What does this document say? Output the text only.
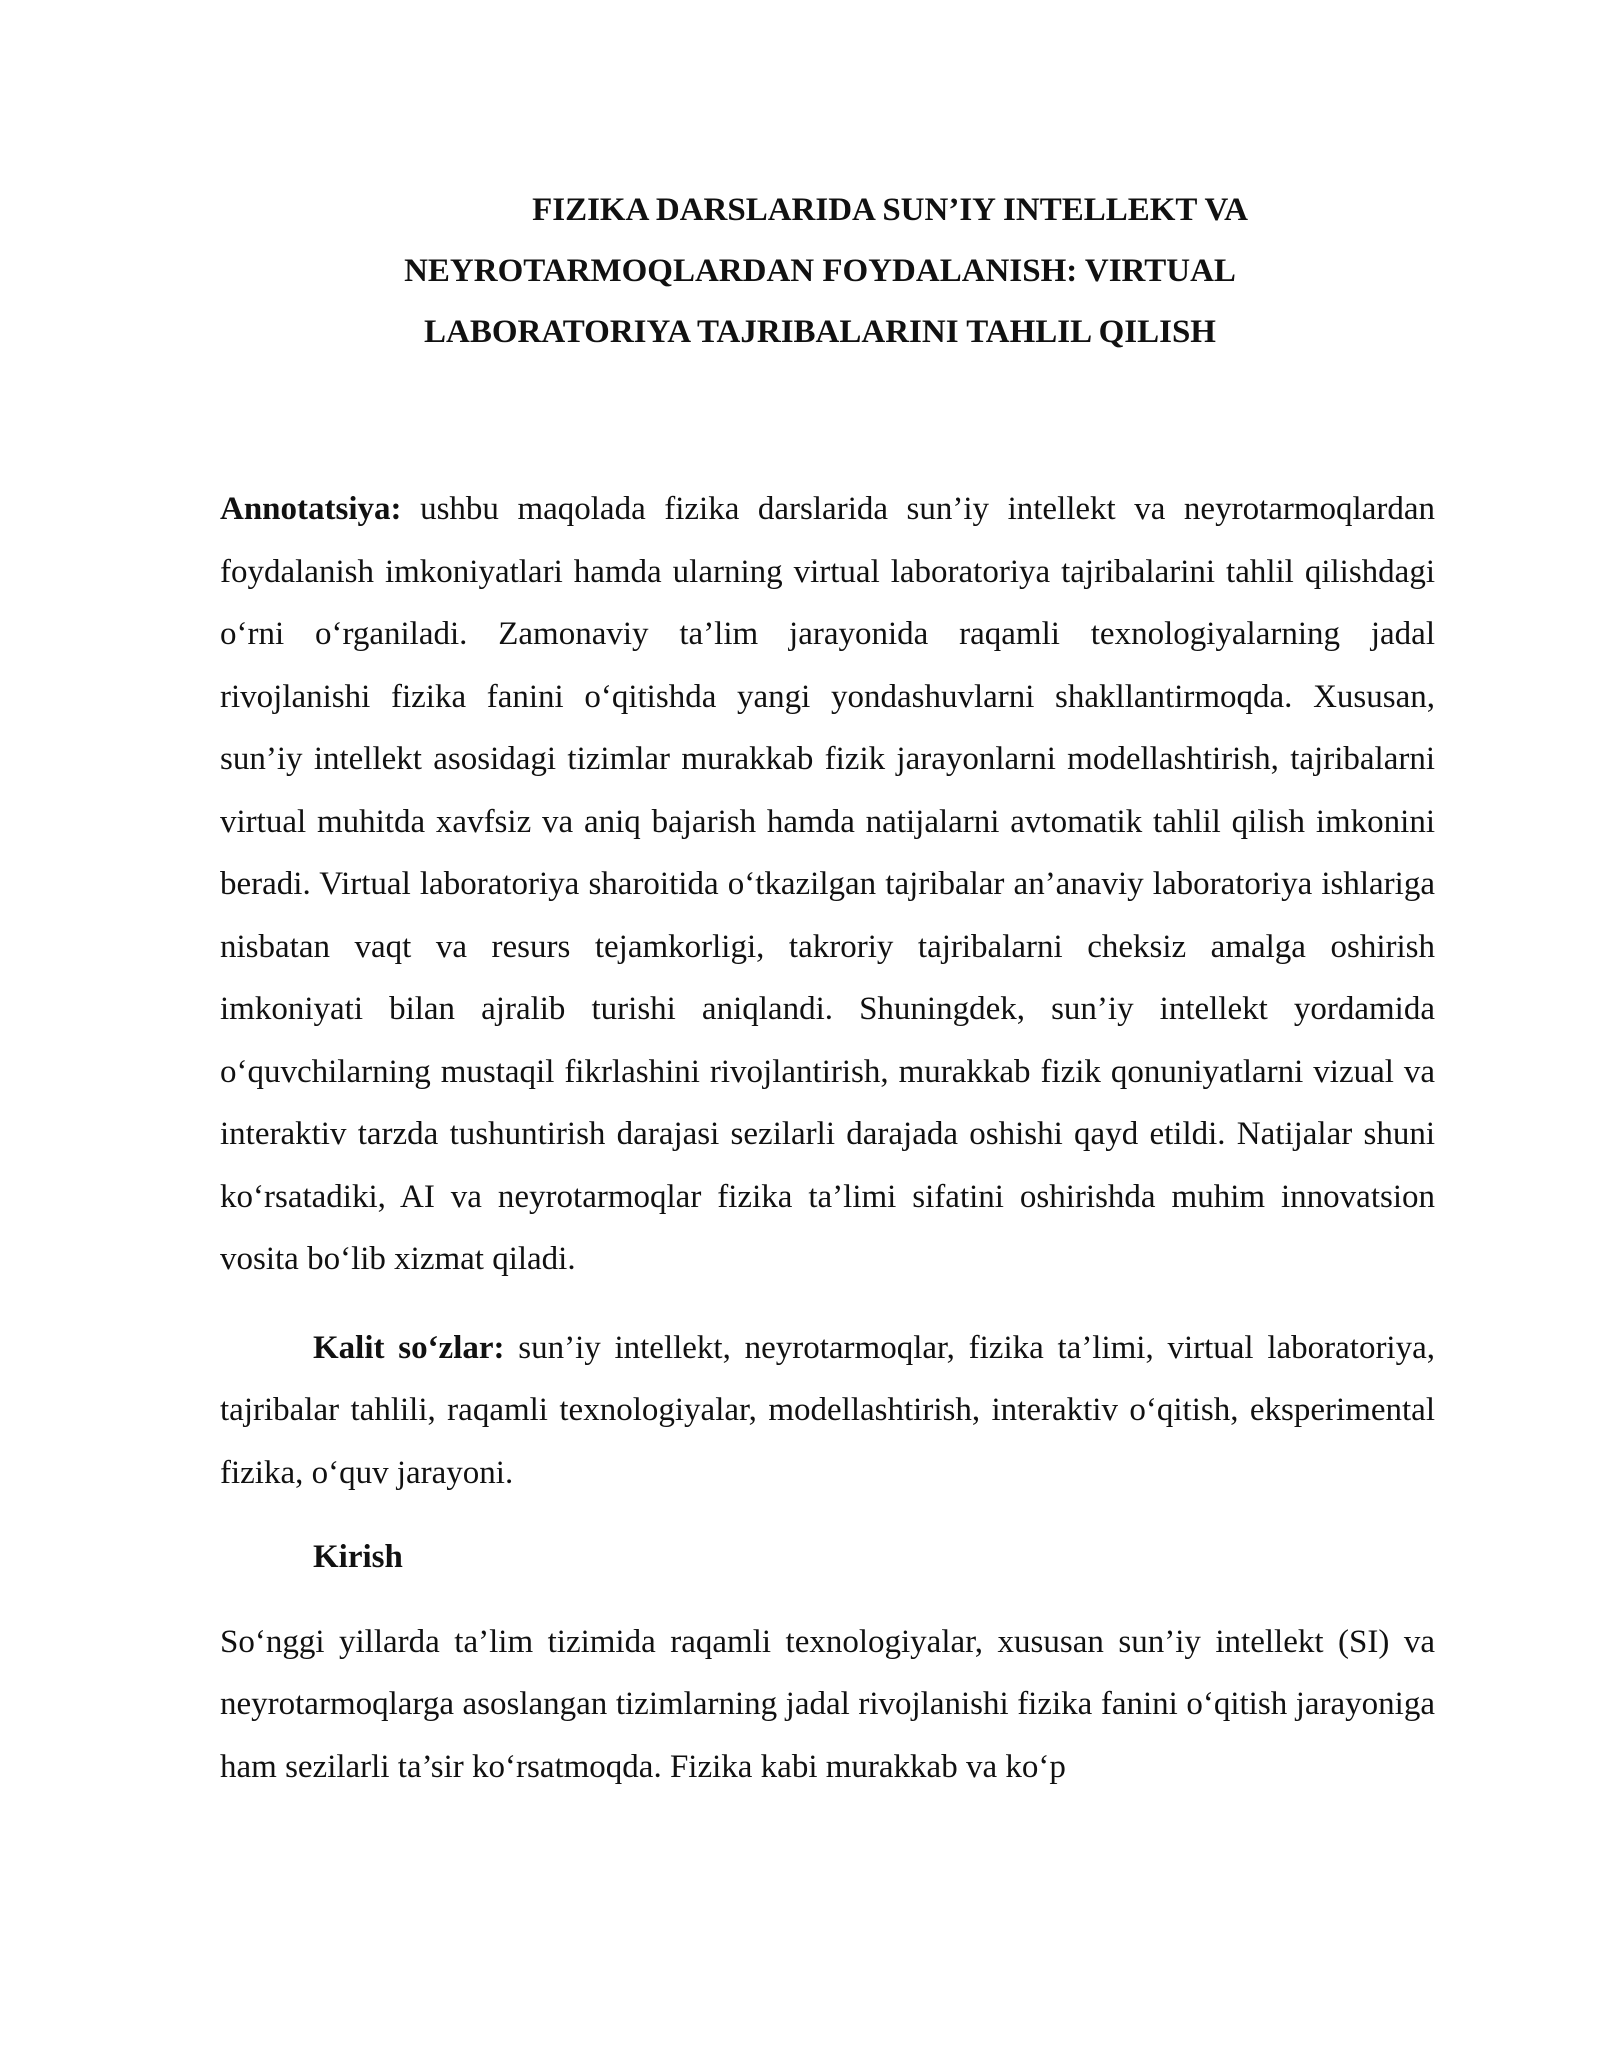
FIZIKA DARSLARIDA SUN’IY INTELLEKT VA
NEYROTARMOQLARDAN FOYDALANISH: VIRTUAL
LABORATORIYA TAJRIBALARINI TAHLIL QILISH

Annotatsiya: ushbu maqolada fizika darslarida sun’iy intellekt va neyrotarmoqlardan foydalanish imkoniyatlari hamda ularning virtual laboratoriya tajribalarini tahlil qilishdagi o‘rni o‘rganiladi. Zamonaviy ta’lim jarayonida raqamli texnologiyalarning jadal rivojlanishi fizika fanini o‘qitishda yangi yondashuvlarni shakllantirmoqda. Xususan, sun’iy intellekt asosidagi tizimlar murakkab fizik jarayonlarni modellashtirish, tajribalarni virtual muhitda xavfsiz va aniq bajarish hamda natijalarni avtomatik tahlil qilish imkonini beradi. Virtual laboratoriya sharoitida o‘tkazilgan tajribalar an’anaviy laboratoriya ishlariga nisbatan vaqt va resurs tejamkorligi, takroriy tajribalarni cheksiz amalga oshirish imkoniyati bilan ajralib turishi aniqlandi. Shuningdek, sun’iy intellekt yordamida o‘quvchilarning mustaqil fikrlashini rivojlantirish, murakkab fizik qonuniyatlarni vizual va interaktiv tarzda tushuntirish darajasi sezilarli darajada oshishi qayd etildi. Natijalar shuni ko‘rsatadiki, AI va neyrotarmoqlar fizika ta’limi sifatini oshirishda muhim innovatsion vosita bo‘lib xizmat qiladi.

Kalit so‘zlar: sun’iy intellekt, neyrotarmoqlar, fizika ta’limi, virtual laboratoriya, tajribalar tahlili, raqamli texnologiyalar, modellashtirish, interaktiv o‘qitish, eksperimental fizika, o‘quv jarayoni.

Kirish

So‘nggi yillarda ta’lim tizimida raqamli texnologiyalar, xususan sun’iy intellekt (SI) va neyrotarmoqlarga asoslangan tizimlarning jadal rivojlanishi fizika fanini o‘qitish jarayoniga ham sezilarli ta’sir ko‘rsatmoqda. Fizika kabi murakkab va ko‘p
